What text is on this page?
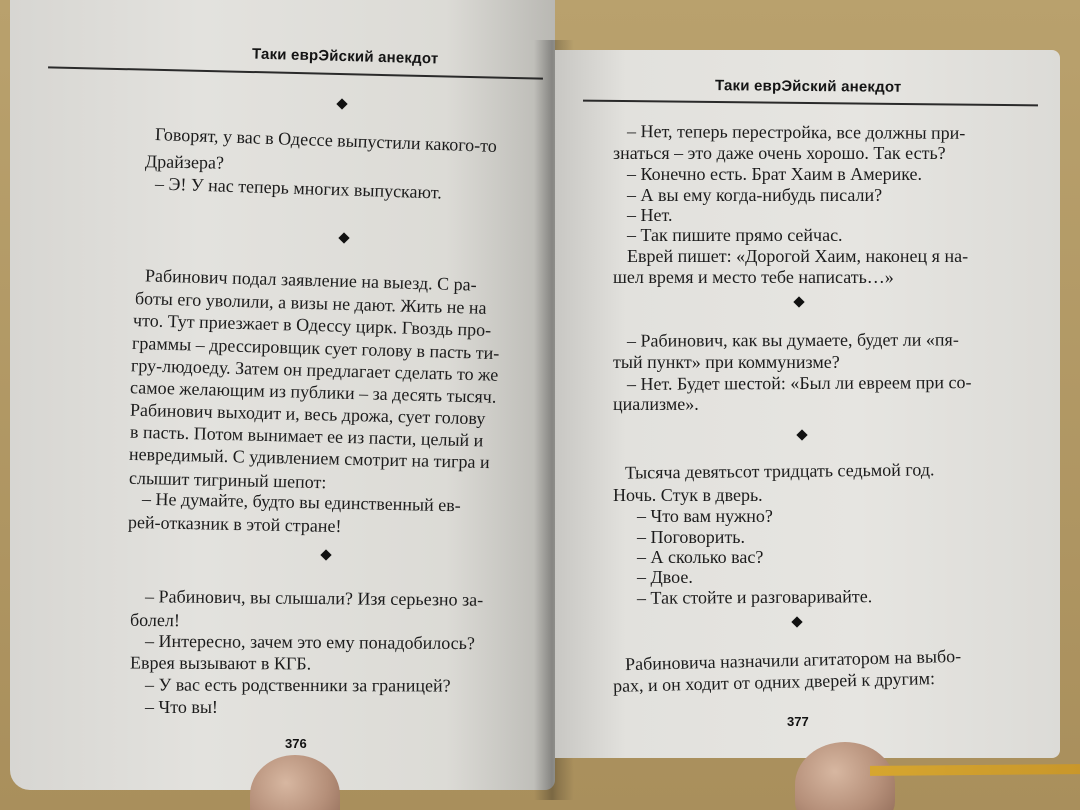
Таки еврЭйский анекдот
Говорят, у вас в Одессе выпустили какого-то
Драйзера?
– Э! У нас теперь многих выпускают.
Рабинович подал заявление на выезд. С ра-
боты его уволили, а визы не дают. Жить не на
что. Тут приезжает в Одессу цирк. Гвоздь про-
граммы – дрессировщик сует голову в пасть ти-
гру-людоеду. Затем он предлагает сделать то же
самое желающим из публики – за десять тысяч.
Рабинович выходит и, весь дрожа, сует голову
в пасть. Потом вынимает ее из пасти, целый и
невредимый. С удивлением смотрит на тигра и
слышит тигриный шепот:
– Не думайте, будто вы единственный ев-
рей-отказник в этой стране!
– Рабинович, вы слышали? Изя серьезно за-
болел!
– Интересно, зачем это ему понадобилось?
Еврея вызывают в КГБ.
– У вас есть родственники за границей?
– Что вы!
376
Таки еврЭйский анекдот
– Нет, теперь перестройка, все должны при-
знаться – это даже очень хорошо. Так есть?
– Конечно есть. Брат Хаим в Америке.
– А вы ему когда-нибудь писали?
– Нет.
– Так пишите прямо сейчас.
Еврей пишет: «Дорогой Хаим, наконец я на-
шел время и место тебе написать…»
– Рабинович, как вы думаете, будет ли «пя-
тый пункт» при коммунизме?
– Нет. Будет шестой: «Был ли евреем при со-
циализме».
Тысяча девятьсот тридцать седьмой год.
Ночь. Стук в дверь.
– Что вам нужно?
– Поговорить.
– А сколько вас?
– Двое.
– Так стойте и разговаривайте.
Рабиновича назначили агитатором на выбо-
рах, и он ходит от одних дверей к другим:
377
